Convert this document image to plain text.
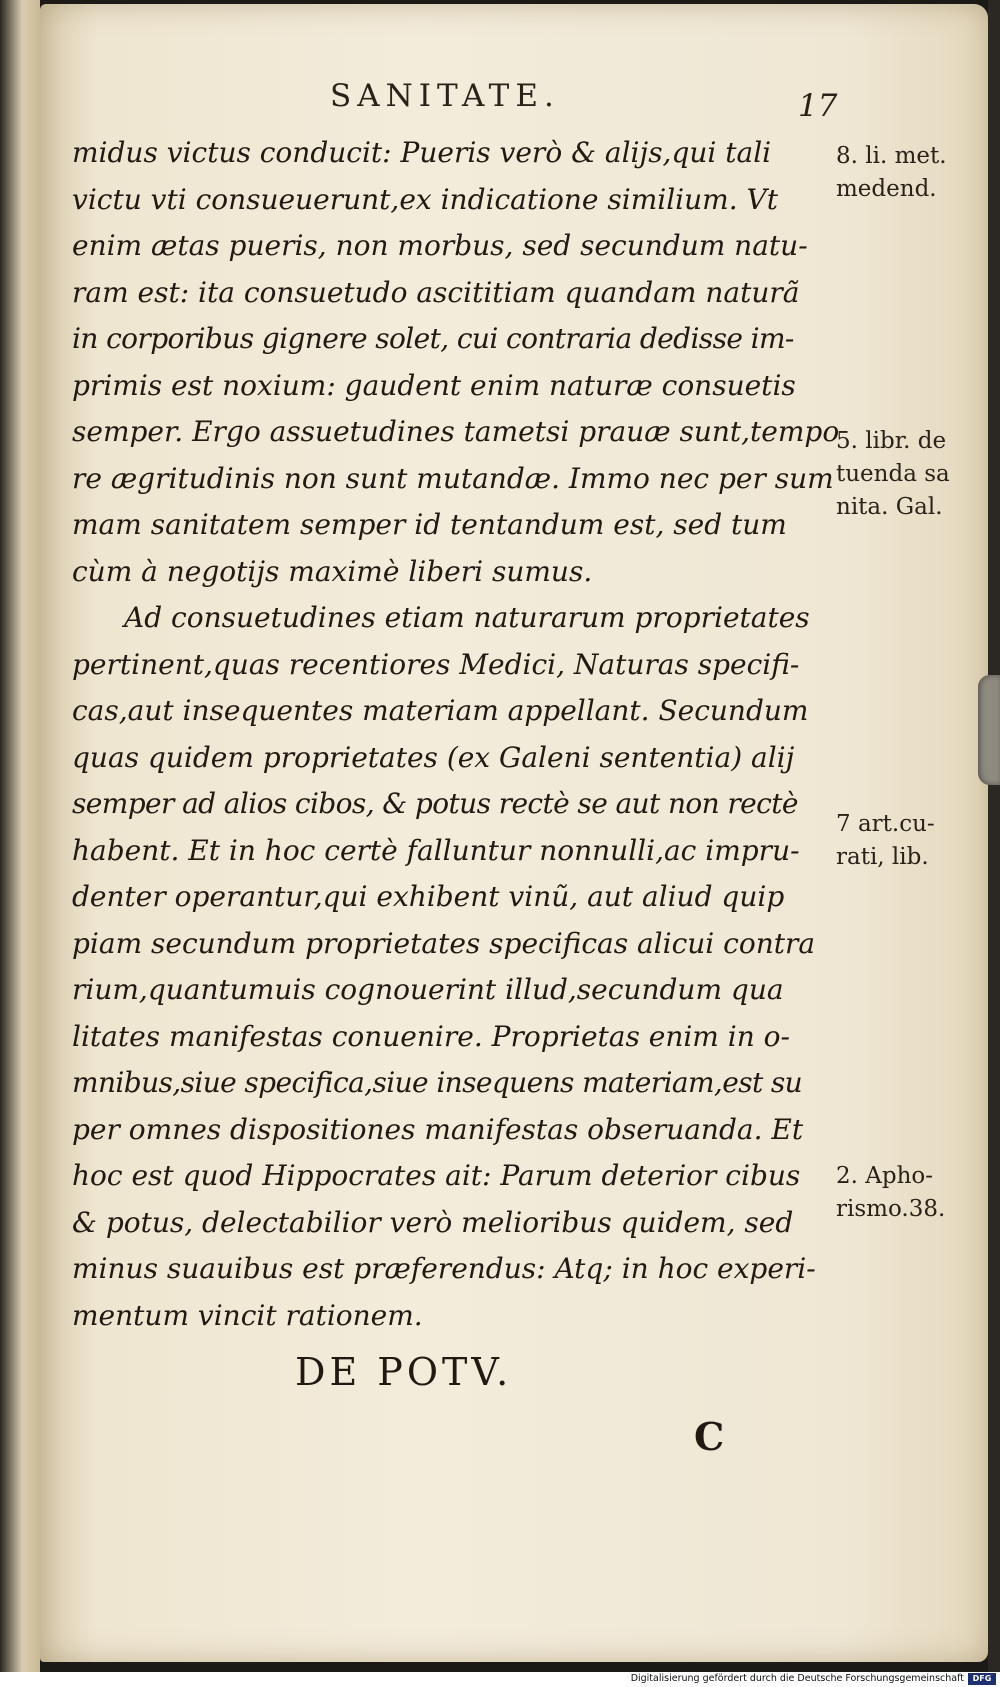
SANITATE.	17
midus victus conducit: Pueris verò & alijs,qui tali
victu vti consueuerunt,ex indicatione similium. Vt
enim ætas pueris, non morbus, sed secundum natu-
ram est: ita consuetudo ascititiam quandam naturã
in corporibus gignere solet, cui contraria dedisse im-
primis est noxium: gaudent enim naturæ consuetis
semper. Ergo assuetudines tametsi prauæ sunt,tempo
re ægritudinis non sunt mutandæ. Immo nec per sum
mam sanitatem semper id tentandum est, sed tum
cùm à negotijs maximè liberi sumus.
Ad consuetudines etiam naturarum proprietates
pertinent,quas recentiores Medici, Naturas specifi-
cas,aut insequentes materiam appellant. Secundum
quas quidem proprietates (ex Galeni sententia) alij
semper ad alios cibos, & potus rectè se aut non rectè
habent. Et in hoc certè falluntur nonnulli,ac impru-
denter operantur,qui exhibent vinũ, aut aliud quip
piam secundum proprietates specificas alicui contra
rium,quantumuis cognouerint illud,secundum qua
litates manifestas conuenire. Proprietas enim in o-
mnibus,siue specifica,siue insequens materiam,est su
per omnes dispositiones manifestas obseruanda. Et
hoc est quod Hippocrates ait: Parum deterior cibus
& potus, delectabilior verò melioribus quidem, sed
minus suauibus est præferendus: Atq; in hoc experi-
mentum vincit rationem.
8. li. met.
medend.
5. libr. de
tuenda sa
nita. Gal.
7 art.cu-
rati, lib.
2. Apho-
rismo.38.
DE POTV.
C
Digitalisierung gefördert durch die Deutsche Forschungsgemeinschaft	DFG
